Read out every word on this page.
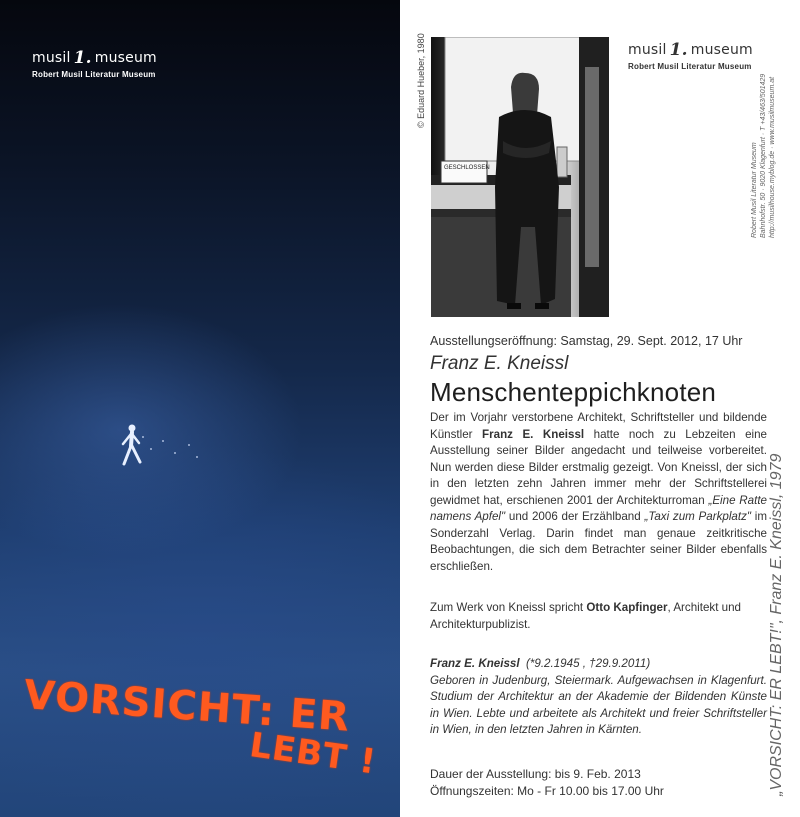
musil 1. museum
Robert Musil Literatur Museum
VORSICHT: ER
LEBT !
© Eduard Hueber, 1980
GESCHLOSSEN
musil 1. museum
Robert Musil Literatur Museum
Robert Musil Literatur Museum Bahnhofstr. 50 · 9020 Klagenfurt · T +43/463/501429 http://musilhouse.myblog.de · www.musilmuseum.at
Ausstellungseröffnung: Samstag, 29. Sept. 2012, 17 Uhr
Franz E. Kneissl
Menschenteppichknoten
Der im Vorjahr verstorbene Architekt, Schriftsteller und bildende Künstler Franz E. Kneissl hatte noch zu Lebzeiten eine Ausstellung seiner Bilder angedacht und teilweise vorbereitet. Nun werden diese Bilder erstmalig gezeigt. Von Kneissl, der sich in den letzten zehn Jahren immer mehr der Schriftstellerei gewidmet hat, erschienen 2001 der Architekturroman „Eine Ratte namens Apfel" und 2006 der Erzählband „Taxi zum Parkplatz" im Sonderzahl Verlag. Darin findet man genaue zeitkritische Beobachtungen, die sich dem Betrachter seiner Bilder ebenfalls erschließen.
Zum Werk von Kneissl spricht Otto Kapfinger, Architekt und Architekturpublizist.
Franz E. Kneissl (*9.2.1945 , †29.9.2011)
Geboren in Judenburg, Steiermark. Aufgewachsen in Klagenfurt. Studium der Architektur an der Akademie der Bildenden Künste in Wien. Lebte und arbeitete als Architekt und freier Schriftsteller in Wien, in den letzten Jahren in Kärnten.
Dauer der Ausstellung: bis 9. Feb. 2013
Öffnungszeiten: Mo - Fr 10.00 bis 17.00 Uhr	„VORSICHT: ER LEBT!", Franz E. Kneissl, 1979
